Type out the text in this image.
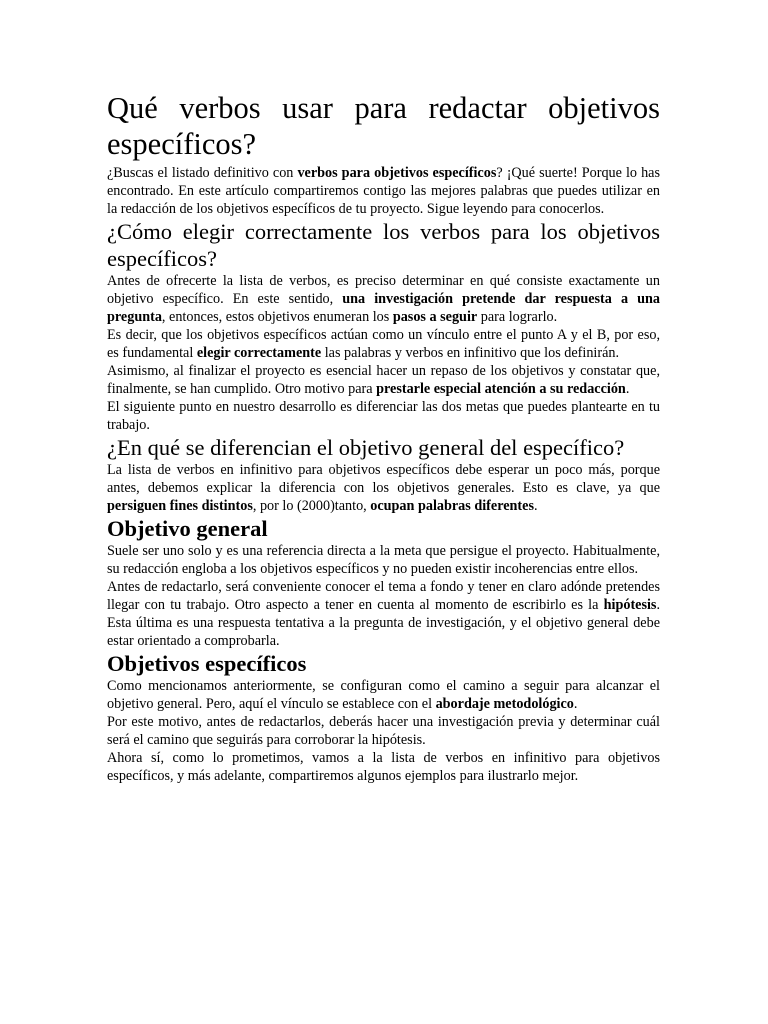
Qué verbos usar para redactar objetivos específicos?

¿Buscas el listado definitivo con verbos para objetivos específicos? ¡Qué suerte! Porque lo has encontrado. En este artículo compartiremos contigo las mejores palabras que puedes utilizar en la redacción de los objetivos específicos de tu proyecto. Sigue leyendo para conocerlos.

¿Cómo elegir correctamente los verbos para los objetivos específicos?

Antes de ofrecerte la lista de verbos, es preciso determinar en qué consiste exactamente un objetivo específico. En este sentido, una investigación pretende dar respuesta a una pregunta, entonces, estos objetivos enumeran los pasos a seguir para lograrlo.

Es decir, que los objetivos específicos actúan como un vínculo entre el punto A y el B, por eso, es fundamental elegir correctamente las palabras y verbos en infinitivo que los definirán.

Asimismo, al finalizar el proyecto es esencial hacer un repaso de los objetivos y constatar que, finalmente, se han cumplido. Otro motivo para prestarle especial atención a su redacción.

El siguiente punto en nuestro desarrollo es diferenciar las dos metas que puedes plantearte en tu trabajo.

¿En qué se diferencian el objetivo general del específico?

La lista de verbos en infinitivo para objetivos específicos debe esperar un poco más, porque antes, debemos explicar la diferencia con los objetivos generales. Esto es clave, ya que persiguen fines distintos, por lo (2000)tanto, ocupan palabras diferentes.

Objetivo general

Suele ser uno solo y es una referencia directa a la meta que persigue el proyecto. Habitualmente, su redacción engloba a los objetivos específicos y no pueden existir incoherencias entre ellos.

Antes de redactarlo, será conveniente conocer el tema a fondo y tener en claro adónde pretendes llegar con tu trabajo. Otro aspecto a tener en cuenta al momento de escribirlo es la hipótesis. Esta última es una respuesta tentativa a la pregunta de investigación, y el objetivo general debe estar orientado a comprobarla.

Objetivos específicos

Como mencionamos anteriormente, se configuran como el camino a seguir para alcanzar el objetivo general. Pero, aquí el vínculo se establece con el abordaje metodológico.

Por este motivo, antes de redactarlos, deberás hacer una investigación previa y determinar cuál será el camino que seguirás para corroborar la hipótesis.

Ahora sí, como lo prometimos, vamos a la lista de verbos en infinitivo para objetivos específicos, y más adelante, compartiremos algunos ejemplos para ilustrarlo mejor.
